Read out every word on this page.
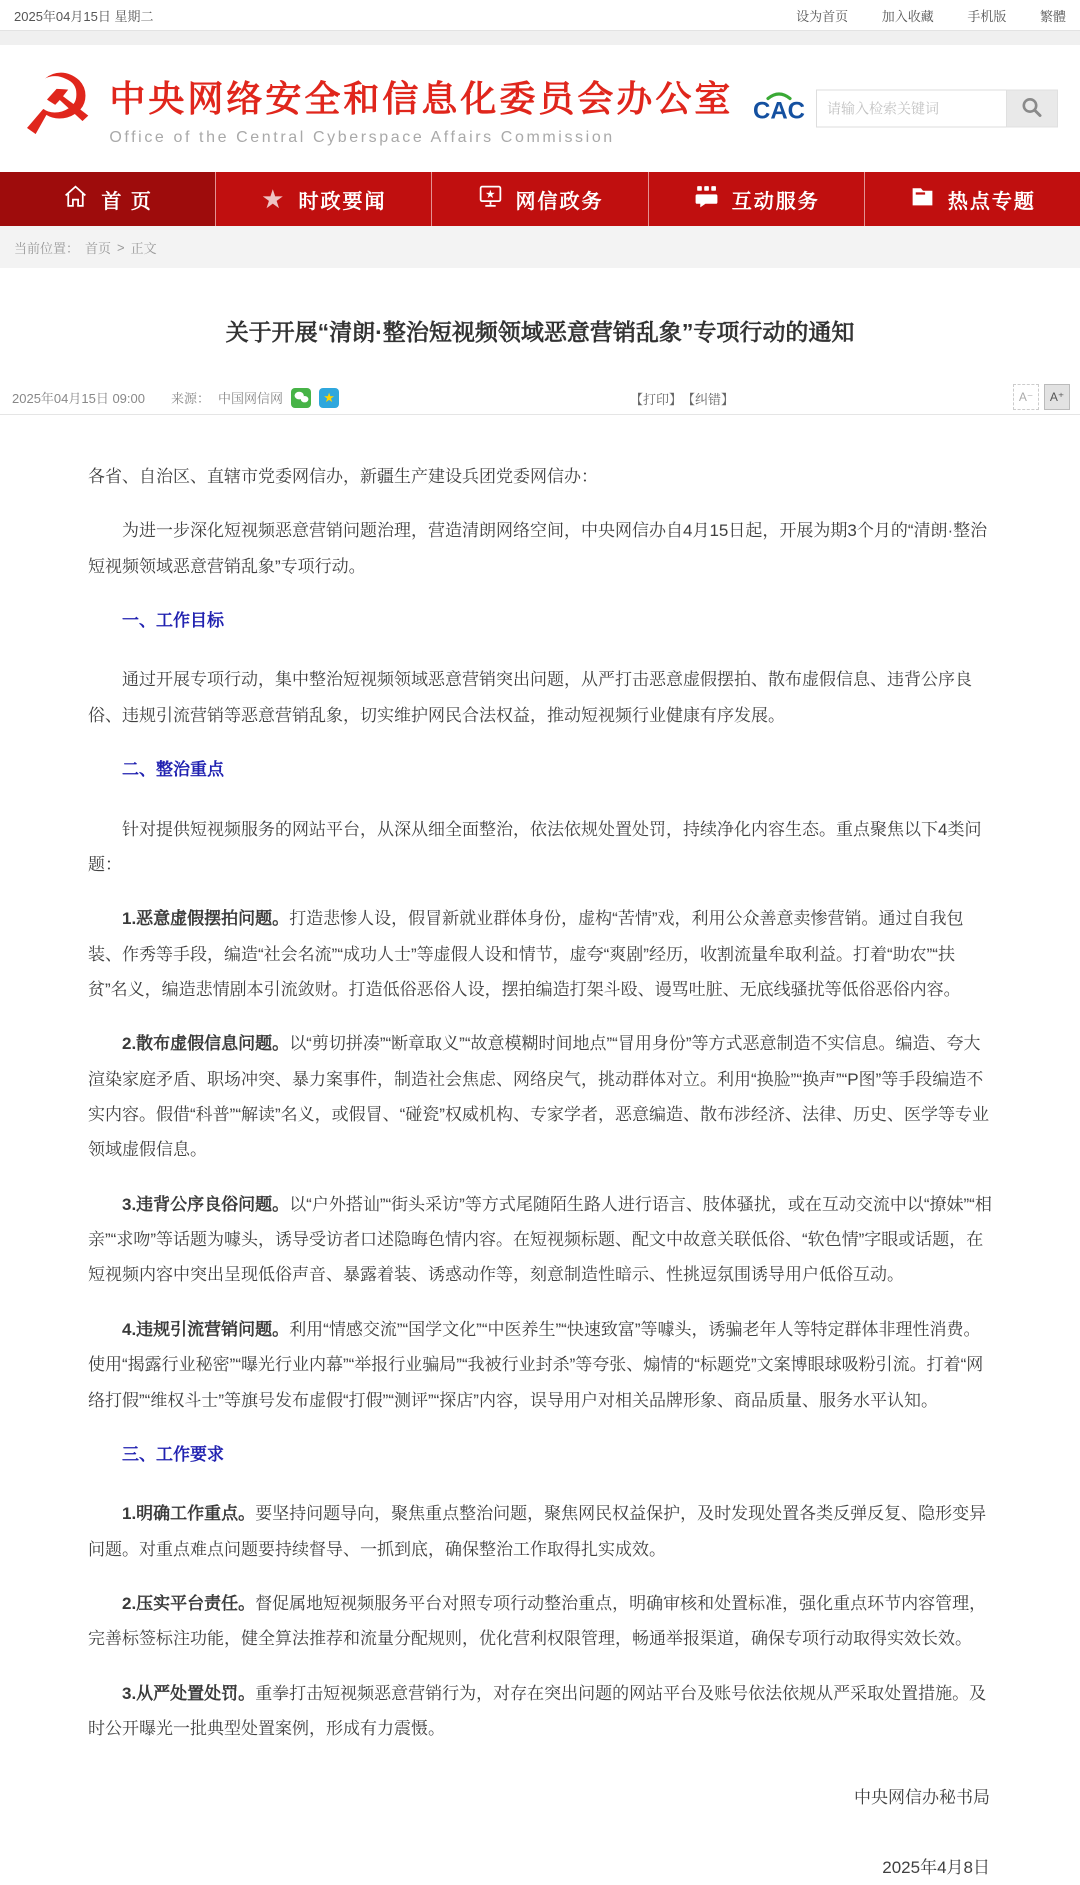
2025年04月15日 星期二	设为首页	加入收藏	手机版	繁體
☭ 中央网络安全和信息化委员会办公室
Office of the Central Cyberspace Affairs Commission
CAC
请输入检索关键词
首 页	★ 时政要闻	★ 网信政务	互动服务	热点专题
当前位置： 首页 > 正文
关于开展“清朗·整治短视频领域恶意营销乱象”专项行动的通知
2025年04月15日 09:00 来源： 中国网信网	★	【打印】 【纠错】	A⁻	A⁺

各省、自治区、直辖市党委网信办，新疆生产建设兵团党委网信办：

为进一步深化短视频恶意营销问题治理，营造清朗网络空间，中央网信办自4月15日起，开展为期3个月的“清朗·整治短视频领域恶意营销乱象”专项行动。

一、工作目标

通过开展专项行动，集中整治短视频领域恶意营销突出问题，从严打击恶意虚假摆拍、散布虚假信息、违背公序良俗、违规引流营销等恶意营销乱象，切实维护网民合法权益，推动短视频行业健康有序发展。

二、整治重点

针对提供短视频服务的网站平台，从深从细全面整治，依法依规处置处罚，持续净化内容生态。重点聚焦以下4类问题：

1.恶意虚假摆拍问题。打造悲惨人设，假冒新就业群体身份，虚构“苦情”戏，利用公众善意卖惨营销。通过自我包装、作秀等手段，编造“社会名流”“成功人士”等虚假人设和情节，虚夸“爽剧”经历，收割流量牟取利益。打着“助农”“扶贫”名义，编造悲情剧本引流敛财。打造低俗恶俗人设，摆拍编造打架斗殴、谩骂吐脏、无底线骚扰等低俗恶俗内容。

2.散布虚假信息问题。以“剪切拼凑”“断章取义”“故意模糊时间地点”“冒用身份”等方式恶意制造不实信息。编造、夸大渲染家庭矛盾、职场冲突、暴力案事件，制造社会焦虑、网络戾气，挑动群体对立。利用“换脸”“换声”“P图”等手段编造不实内容。假借“科普”“解读”名义，或假冒、“碰瓷”权威机构、专家学者，恶意编造、散布涉经济、法律、历史、医学等专业领域虚假信息。

3.违背公序良俗问题。以“户外搭讪”“街头采访”等方式尾随陌生路人进行语言、肢体骚扰，或在互动交流中以“撩妹”“相亲”“求吻”等话题为噱头，诱导受访者口述隐晦色情内容。在短视频标题、配文中故意关联低俗、“软色情”字眼或话题，在短视频内容中突出呈现低俗声音、暴露着装、诱惑动作等，刻意制造性暗示、性挑逗氛围诱导用户低俗互动。

4.违规引流营销问题。利用“情感交流”“国学文化”“中医养生”“快速致富”等噱头，诱骗老年人等特定群体非理性消费。使用“揭露行业秘密”“曝光行业内幕”“举报行业骗局”“我被行业封杀”等夸张、煽情的“标题党”文案博眼球吸粉引流。打着“网络打假”“维权斗士”等旗号发布虚假“打假”“测评”“探店”内容，误导用户对相关品牌形象、商品质量、服务水平认知。

三、工作要求

1.明确工作重点。要坚持问题导向，聚焦重点整治问题，聚焦网民权益保护，及时发现处置各类反弹反复、隐形变异问题。对重点难点问题要持续督导、一抓到底，确保整治工作取得扎实成效。

2.压实平台责任。督促属地短视频服务平台对照专项行动整治重点，明确审核和处置标准，强化重点环节内容管理，完善标签标注功能，健全算法推荐和流量分配规则，优化营利权限管理，畅通举报渠道，确保专项行动取得实效长效。

3.从严处置处罚。重拳打击短视频恶意营销行为，对存在突出问题的网站平台及账号依法依规从严采取处置措施。及时公开曝光一批典型处置案例，形成有力震慑。

中央网信办秘书局

2025年4月8日
